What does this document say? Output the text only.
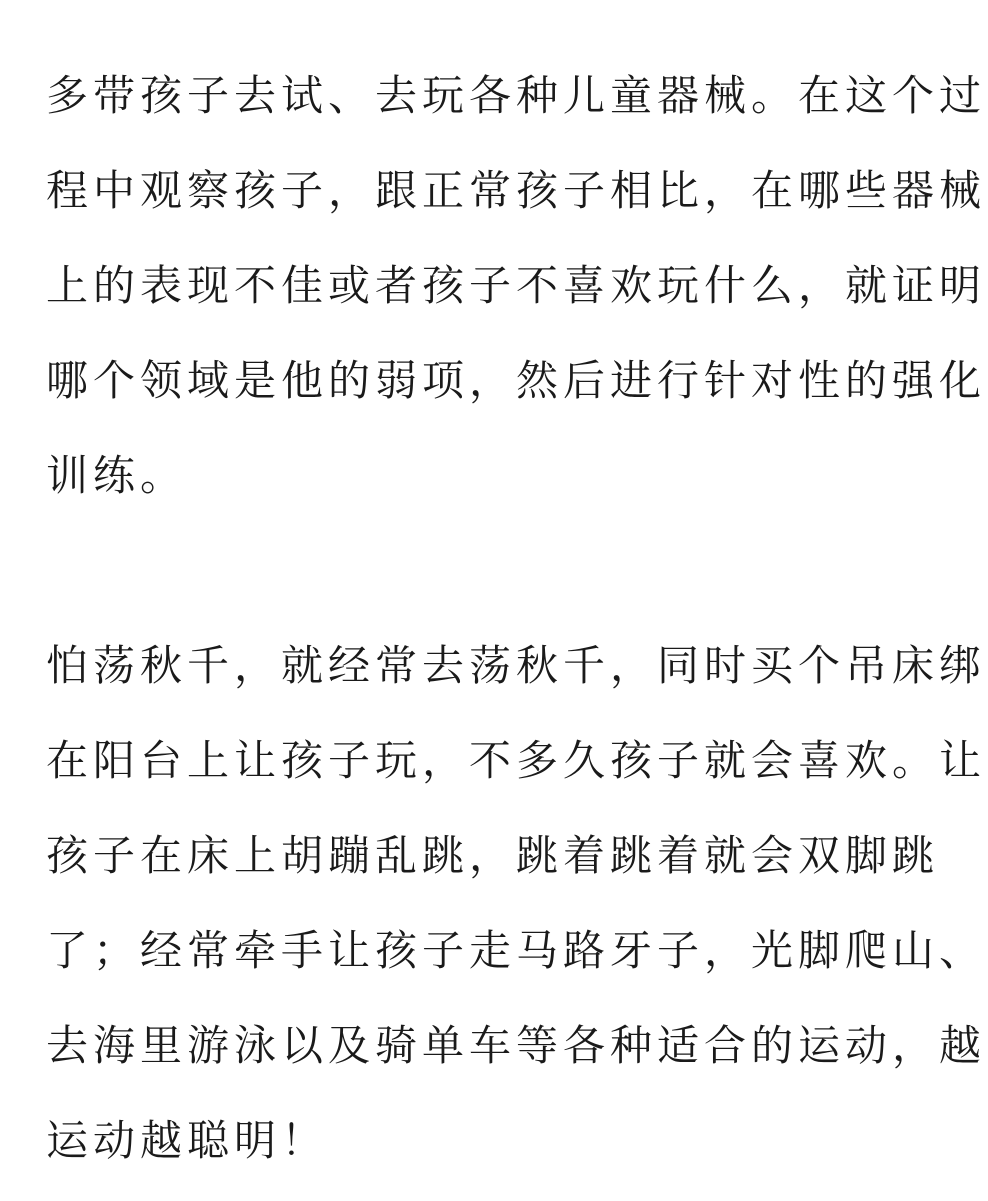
多带孩子去试、去玩各种儿童器械。在这个过
程中观察孩子，跟正常孩子相比，在哪些器械
上的表现不佳或者孩子不喜欢玩什么，就证明
哪个领域是他的弱项，然后进行针对性的强化
训练。
怕荡秋千，就经常去荡秋千，同时买个吊床绑
在阳台上让孩子玩，不多久孩子就会喜欢。让
孩子在床上胡蹦乱跳，跳着跳着就会双脚跳
了；经常牵手让孩子走马路牙子，光脚爬山、
去海里游泳以及骑单车等各种适合的运动，越
运动越聪明！
